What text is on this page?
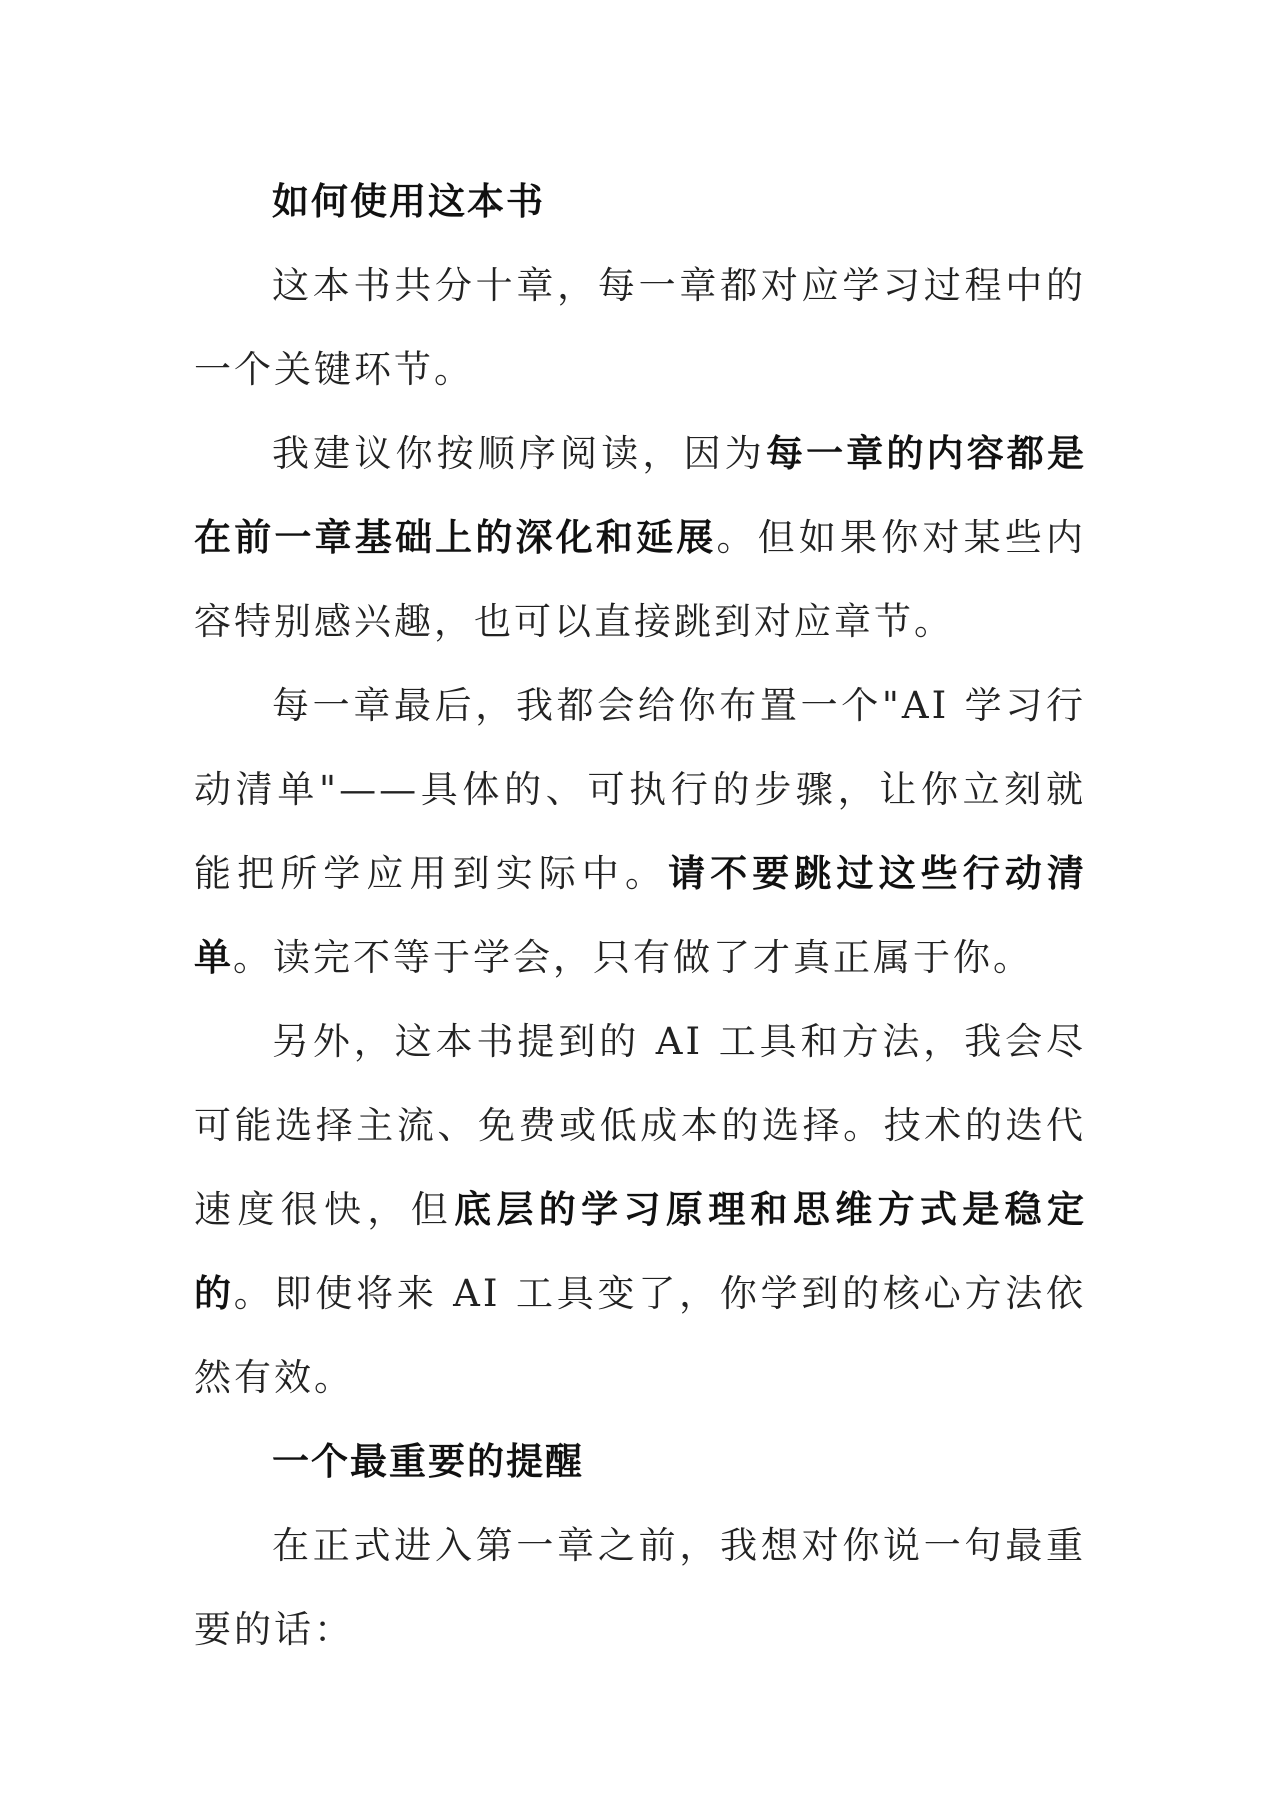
如何使用这本书

这本书共分十章，每一章都对应学习过程中的一个关键环节。

我建议你按顺序阅读，因为每一章的内容都是在前一章基础上的深化和延展。但如果你对某些内容特别感兴趣，也可以直接跳到对应章节。

每一章最后，我都会给你布置一个"AI 学习行动清单"——具体的、可执行的步骤，让你立刻就能把所学应用到实际中。请不要跳过这些行动清单。读完不等于学会，只有做了才真正属于你。

另外，这本书提到的 AI 工具和方法，我会尽可能选择主流、免费或低成本的选择。技术的迭代速度很快，但底层的学习原理和思维方式是稳定的。即使将来 AI 工具变了，你学到的核心方法依然有效。

一个最重要的提醒

在正式进入第一章之前，我想对你说一句最重要的话：
